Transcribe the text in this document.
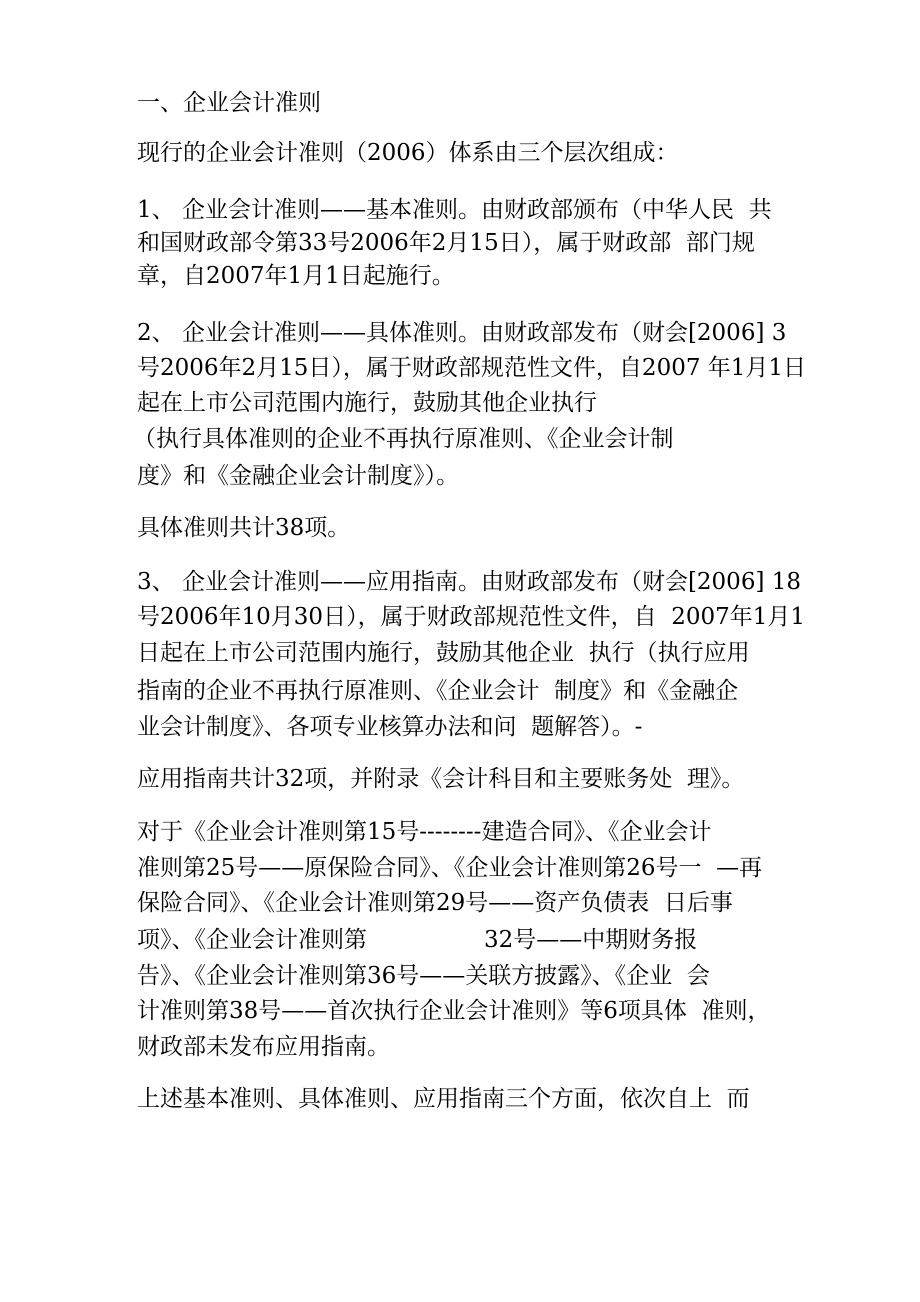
一、企业会计准则

现行的企业会计准则（2006）体系由三个层次组成：

1、 企业会计准则——基本准则。由财政部颁布（中华人民  共

和国财政部令第33号2006年2月15日），属于财政部  部门规

章，自2007年1月1日起施行。

2、 企业会计准则——具体准则。由财政部发布（财会[2006] 3

号2006年2月15日），属于财政部规范性文件，自2007 年1月1日

起在上市公司范围内施行，鼓励其他企业执行

（执行具体准则的企业不再执行原准则、《企业会计制

度》和《金融企业会计制度》）。

具体准则共计38项。

3、 企业会计准则——应用指南。由财政部发布（财会[2006] 18

号2006年10月30日），属于财政部规范性文件，自  2007年1月1

日起在上市公司范围内施行，鼓励其他企业  执行（执行应用

指南的企业不再执行原准则、《企业会计  制度》和《金融企

业会计制度》、各项专业核算办法和问  题解答）。-

应用指南共计32项，并附录《会计科目和主要账务处  理》。

对于《企业会计准则第15号--------建造合同》、《企业会计

准则第25号——原保险合同》、《企业会计准则第26号一  —再

保险合同》、《企业会计准则第29号——资产负债表  日后事

项》、《企业会计准则第                32号——中期财务报

告》、《企业会计准则第36号——关联方披露》、《企业  会

计准则第38号——首次执行企业会计准则》等6项具体  准则，

财政部未发布应用指南。

上述基本准则、具体准则、应用指南三个方面，依次自上  而
